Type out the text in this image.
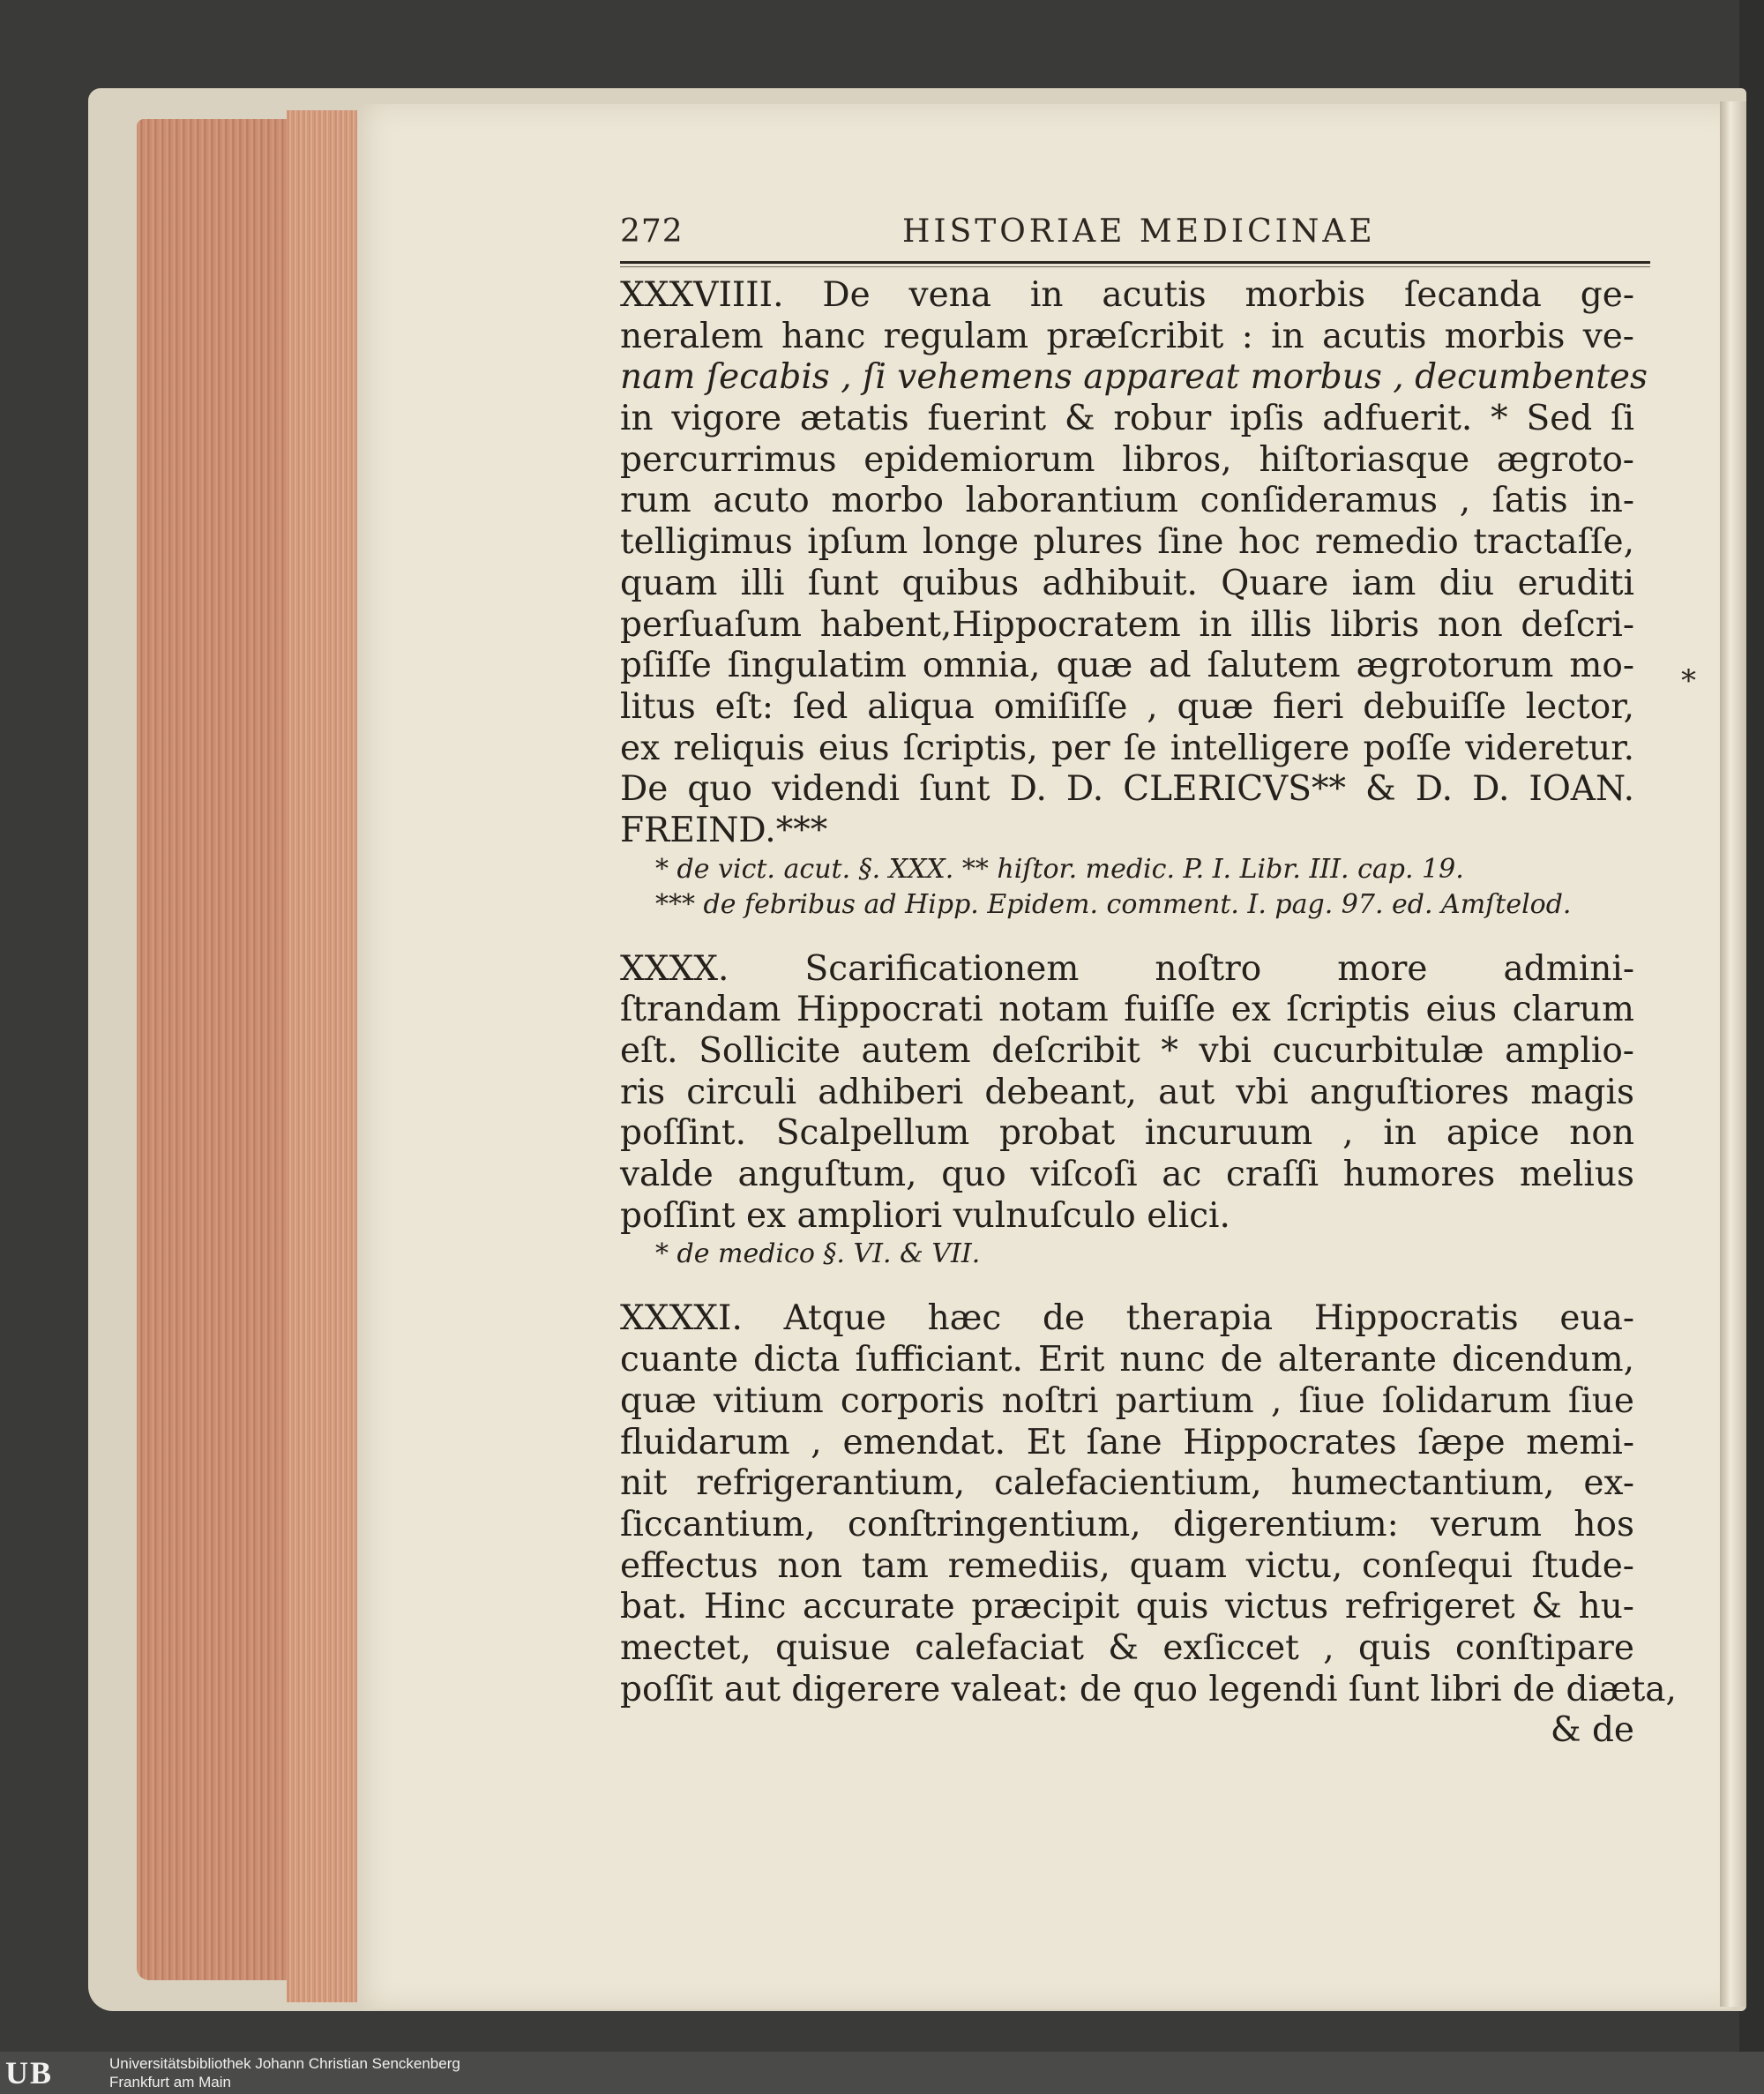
272	HISTORIAE MEDICINAE
*
XXXVIIII. De vena in acutis morbis ſecanda ge-
neralem hanc regulam præſcribit : in acutis morbis ve-
nam ſecabis , ſi vehemens appareat morbus , decumbentes
in vigore ætatis fuerint & robur ipſis adfuerit. * Sed ſi
percurrimus epidemiorum libros, hiſtoriasque ægroto-
rum acuto morbo laborantium conſideramus , ſatis in-
telligimus ipſum longe plures ſine hoc remedio tractaſſe,
quam illi ſunt quibus adhibuit. Quare iam diu eruditi
perſuaſum habent,Hippocratem in illis libris non deſcri-
pſiſſe ſingulatim omnia, quæ ad ſalutem ægrotorum mo-
litus eſt: ſed aliqua omiſiſſe , quæ fieri debuiſſe lector,
ex reliquis eius ſcriptis, per ſe intelligere poſſe videretur.
De quo videndi ſunt D. D. CLERICVS** & D. D. IOAN.
FREIND.***
* de vict. acut. §. XXX. ** hiſtor. medic. P. I. Libr. III. cap. 19.
*** de febribus ad Hipp. Epidem. comment. I. pag. 97. ed. Amſtelod.
XXXX. Scarificationem noſtro more admini-
ſtrandam Hippocrati notam fuiſſe ex ſcriptis eius clarum
eſt. Sollicite autem deſcribit * vbi cucurbitulæ amplio-
ris circuli adhiberi debeant, aut vbi anguſtiores magis
poſſint. Scalpellum probat incuruum , in apice non
valde anguſtum, quo viſcoſi ac craſſi humores melius
poſſint ex ampliori vulnuſculo elici.
* de medico §. VI. & VII.
XXXXI. Atque hæc de therapia Hippocratis eua-
cuante dicta ſufficiant. Erit nunc de alterante dicendum,
quæ vitium corporis noſtri partium , ſiue ſolidarum ſiue
fluidarum , emendat. Et ſane Hippocrates ſæpe memi-
nit refrigerantium, calefacientium, humectantium, ex-
ſiccantium, conſtringentium, digerentium: verum hos
effectus non tam remediis, quam victu, conſequi ſtude-
bat. Hinc accurate præcipit quis victus refrigeret & hu-
mectet, quisue calefaciat & exſiccet , quis conſtipare
poſſit aut digerere valeat: de quo legendi ſunt libri de diæta,
& de
UB	Universitätsbibliothek Johann Christian Senckenberg
Frankfurt am Main
